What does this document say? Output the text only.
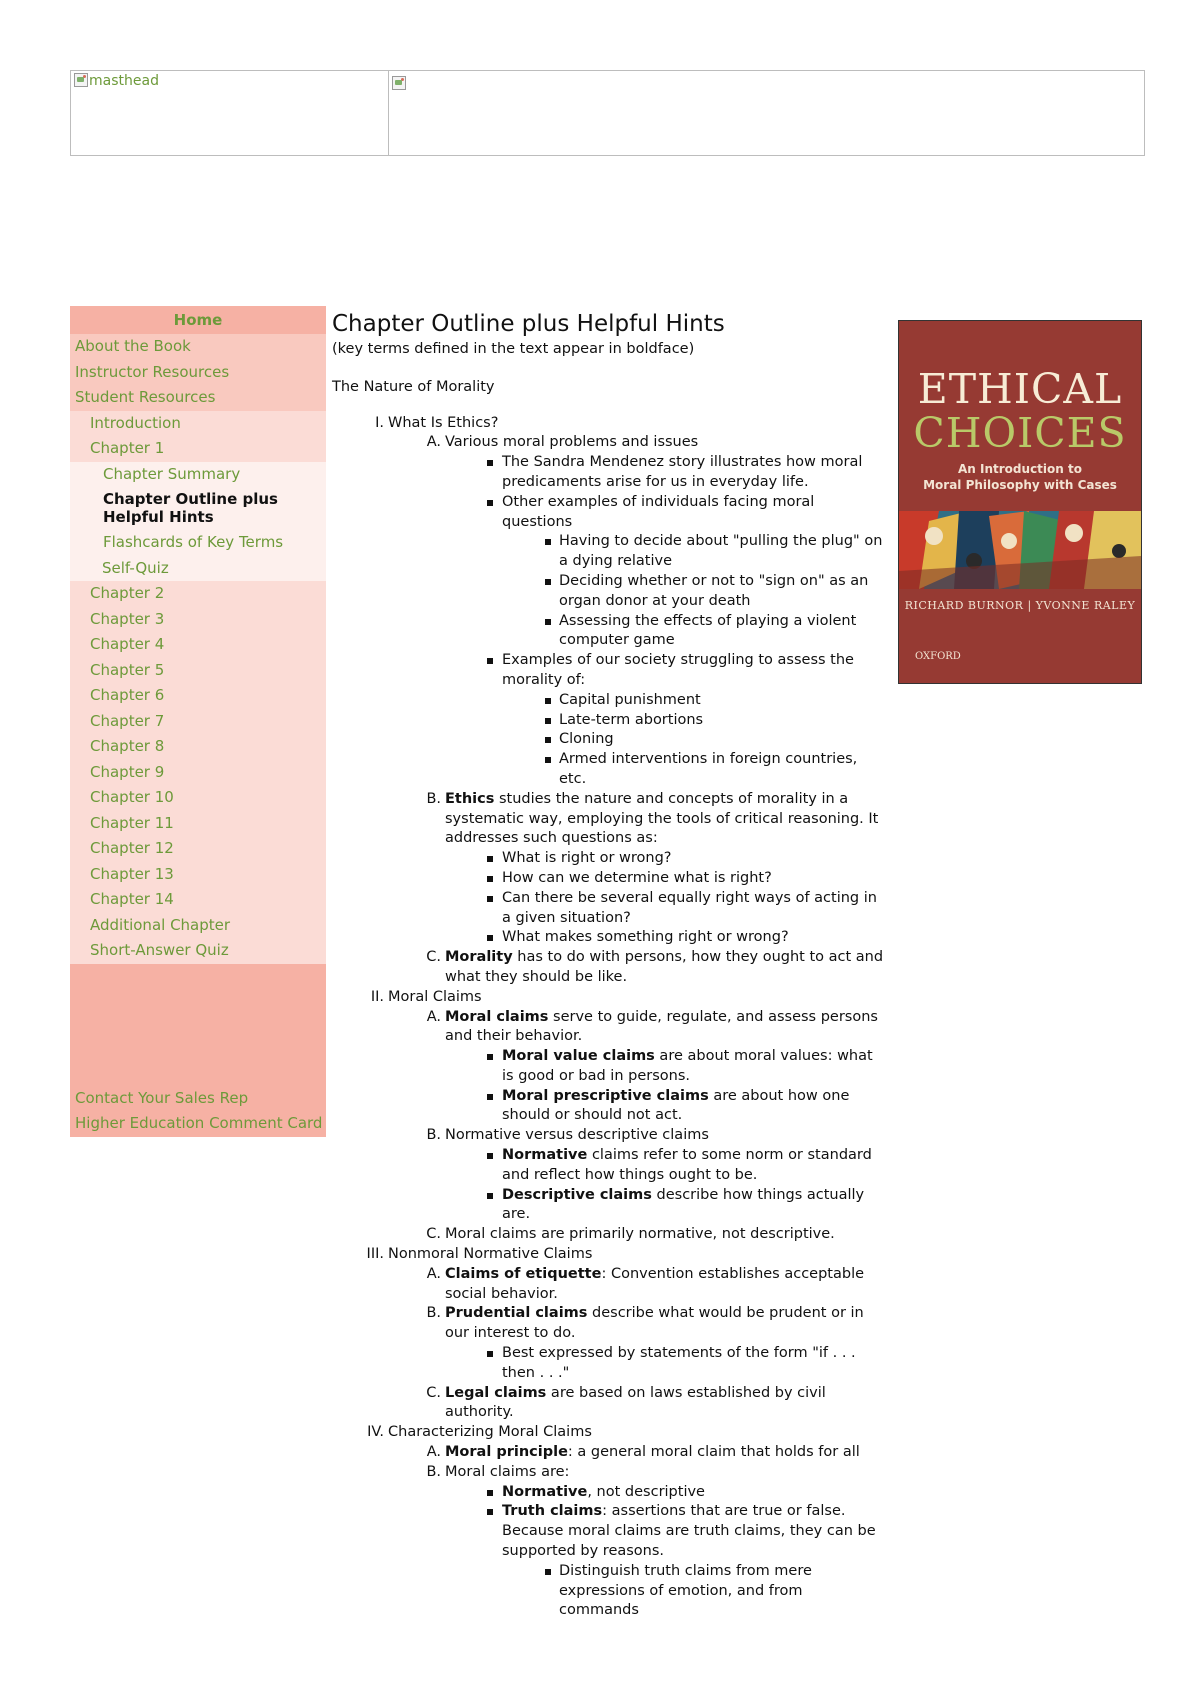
masthead
Home
About the Book
Instructor Resources
Student Resources
Introduction
Chapter 1
Chapter Summary
Chapter Outline plus Helpful Hints
Flashcards of Key Terms
Self-Quiz
Chapter 2
Chapter 3
Chapter 4
Chapter 5
Chapter 6
Chapter 7
Chapter 8
Chapter 9
Chapter 10
Chapter 11
Chapter 12
Chapter 13
Chapter 14
Additional Chapter
Short-Answer Quiz
Contact Your Sales Rep
Higher Education Comment Card
Chapter Outline plus Helpful Hints
(key terms defined in the text appear in boldface)
The Nature of Morality
I. What Is Ethics?
A. Various moral problems and issues
The Sandra Mendenez story illustrates how moral predicaments arise for us in everyday life.
Other examples of individuals facing moral questions
Having to decide about "pulling the plug" on a dying relative
Deciding whether or not to "sign on" as an organ donor at your death
Assessing the effects of playing a violent computer game
Examples of our society struggling to assess the morality of:
Capital punishment
Late-term abortions
Cloning
Armed interventions in foreign countries, etc.
B. Ethics studies the nature and concepts of morality in a systematic way, employing the tools of critical reasoning. It addresses such questions as:
What is right or wrong?
How can we determine what is right?
Can there be several equally right ways of acting in a given situation?
What makes something right or wrong?
C. Morality has to do with persons, how they ought to act and what they should be like.
II. Moral Claims
A. Moral claims serve to guide, regulate, and assess persons and their behavior.
Moral value claims are about moral values: what is good or bad in persons.
Moral prescriptive claims are about how one should or should not act.
B. Normative versus descriptive claims
Normative claims refer to some norm or standard and reflect how things ought to be.
Descriptive claims describe how things actually are.
C. Moral claims are primarily normative, not descriptive.
III. Nonmoral Normative Claims
A. Claims of etiquette: Convention establishes acceptable social behavior.
B. Prudential claims describe what would be prudent or in our interest to do.
Best expressed by statements of the form "if . . . then . . ."
C. Legal claims are based on laws established by civil authority.
IV. Characterizing Moral Claims
A. Moral principle: a general moral claim that holds for all
B. Moral claims are:
Normative, not descriptive
Truth claims: assertions that are true or false. Because moral claims are truth claims, they can be supported by reasons.
Distinguish truth claims from mere expressions of emotion, and from commands
ETHICAL
CHOICES
An Introduction to
Moral Philosophy with Cases
RICHARD BURNOR | YVONNE RALEY
OXFORD
